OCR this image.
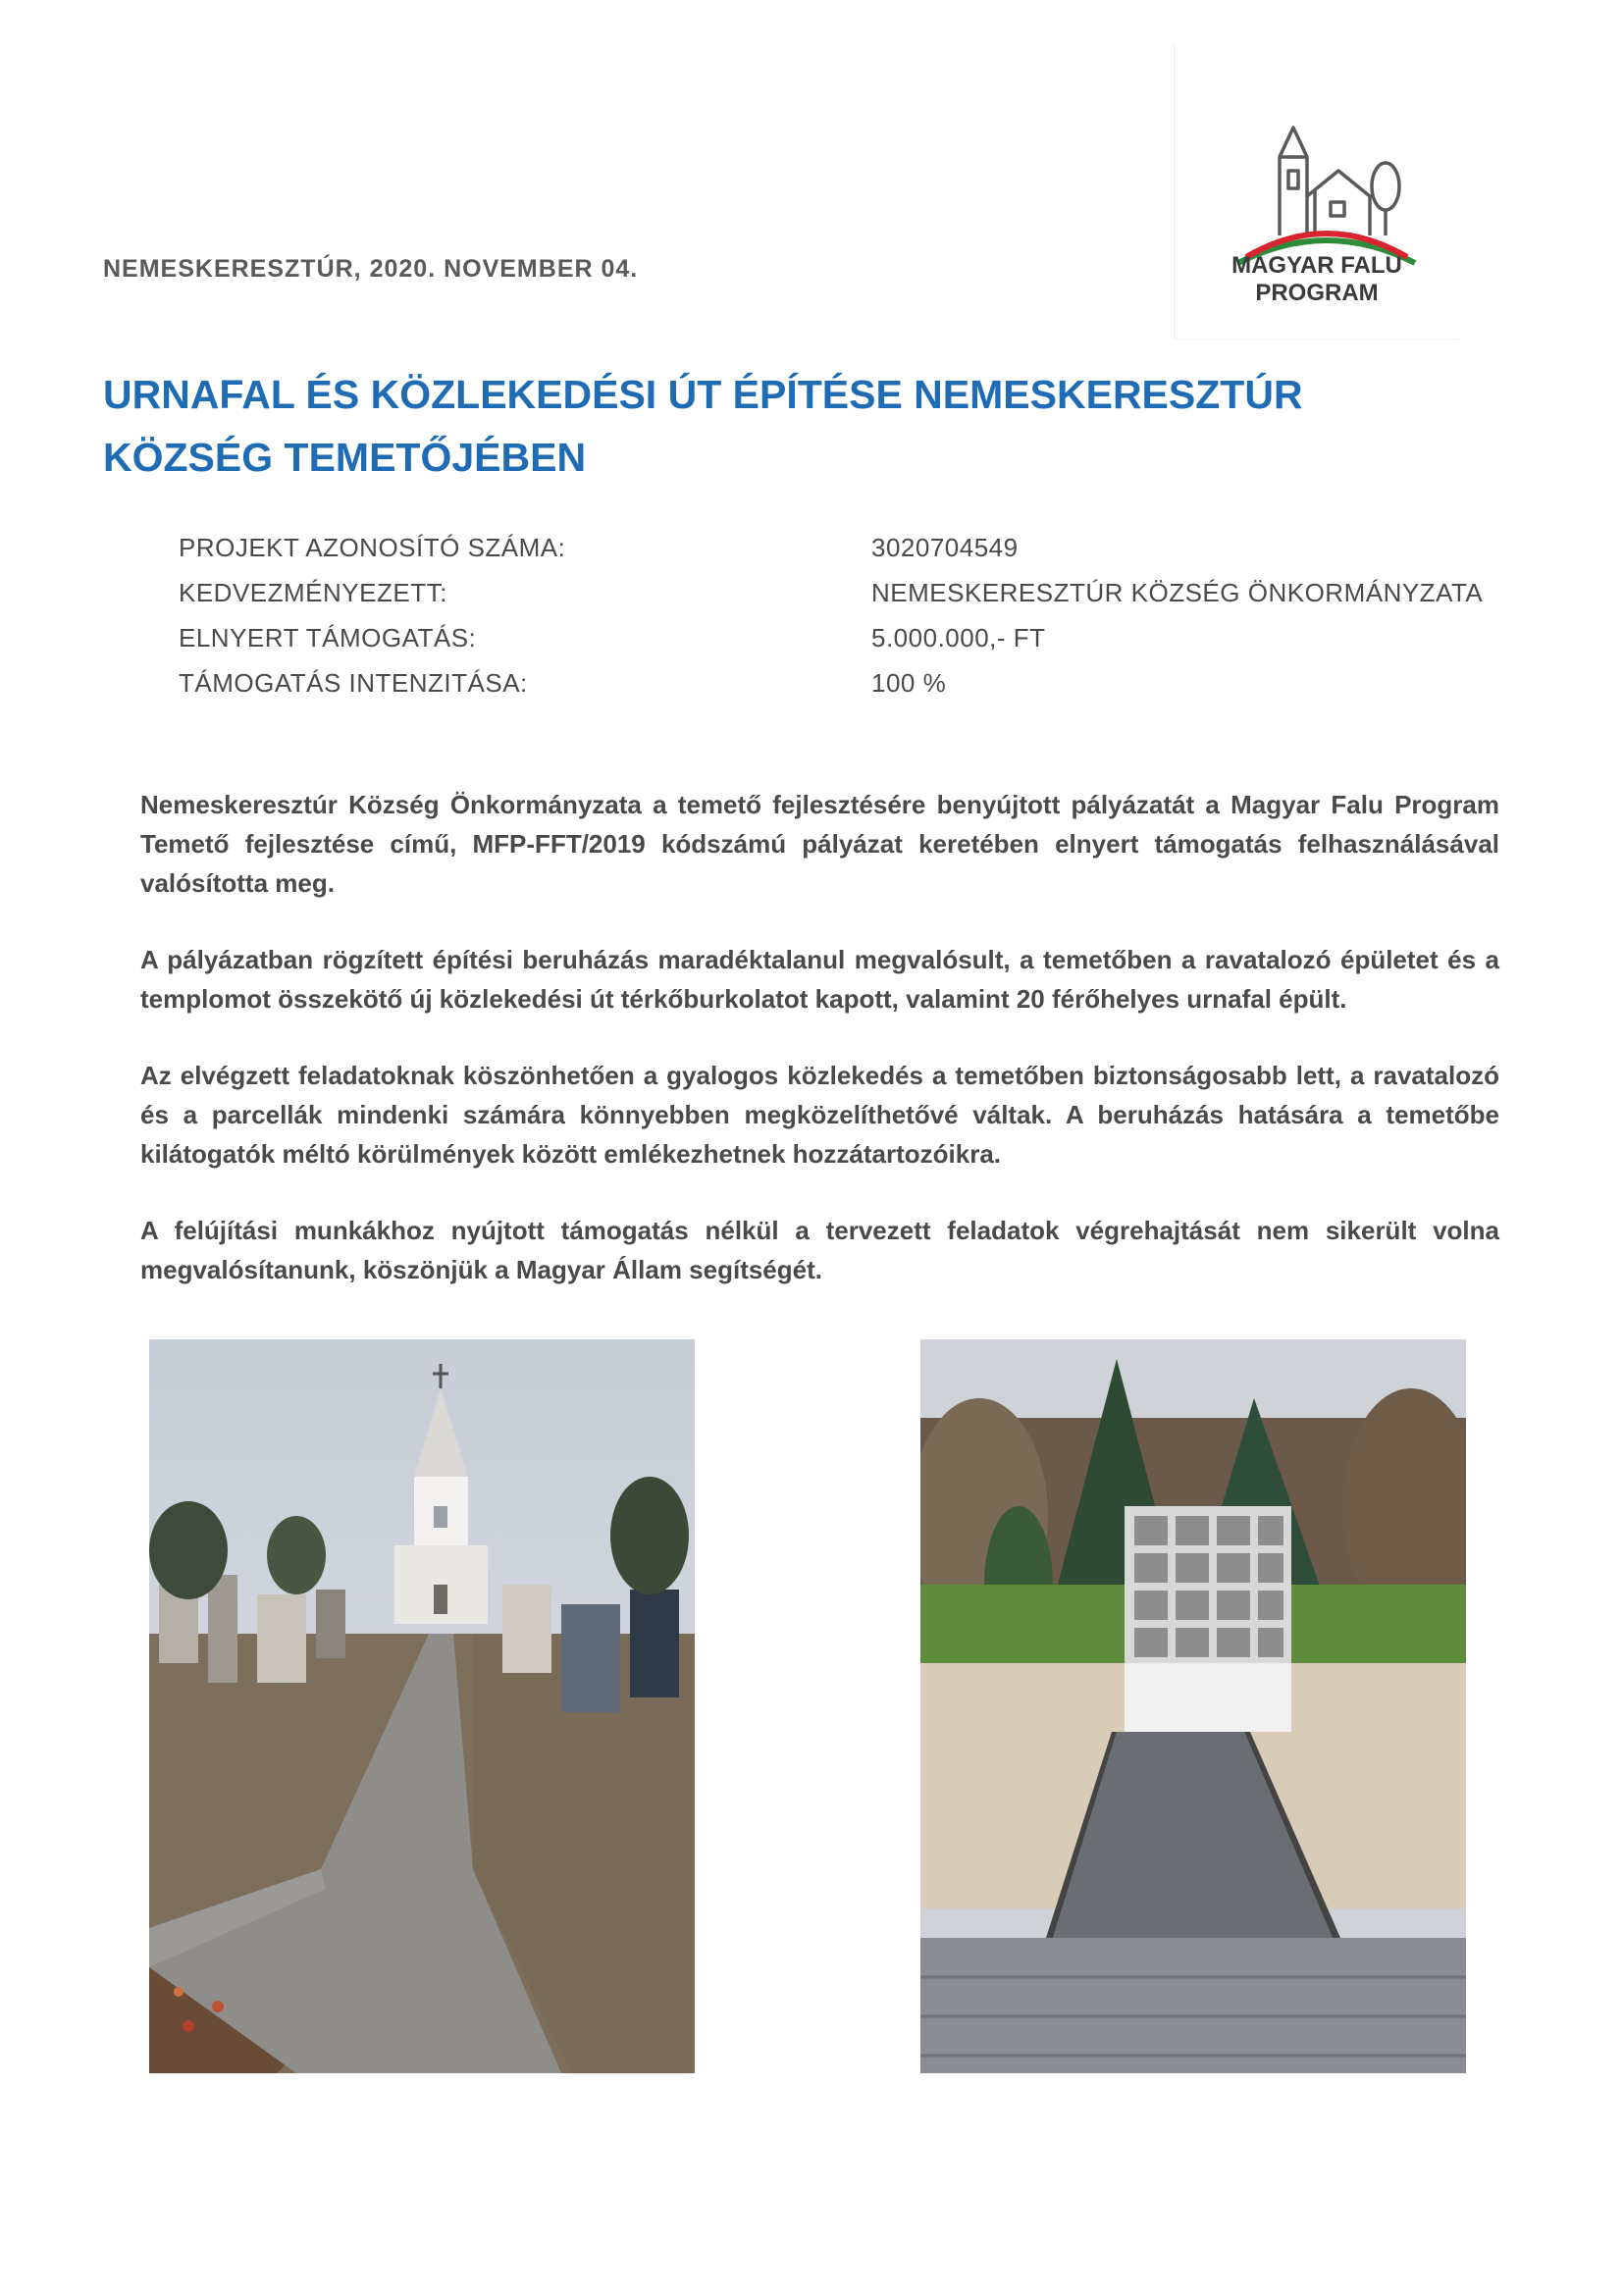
NEMESKERESZTÚR, 2020. NOVEMBER 04.	MAGYAR FALU
PROGRAM
URNAFAL ÉS KÖZLEKEDÉSI ÚT ÉPÍTÉSE NEMESKERESZTÚR
KÖZSÉG TEMETŐJÉBEN
PROJEKT AZONOSÍTÓ SZÁMA:	3020704549
KEDVEZMÉNYEZETT:	NEMESKERESZTÚR KÖZSÉG ÖNKORMÁNYZATA
ELNYERT TÁMOGATÁS:	5.000.000,- FT
TÁMOGATÁS INTENZITÁSA:	100 %

Nemeskeresztúr Község Önkormányzata a temető fejlesztésére benyújtott pályázatát a Magyar Falu Program Temető fejlesztése című, MFP-FFT/2019 kódszámú pályázat keretében elnyert támogatás felhasználásával valósította meg.

A pályázatban rögzített építési beruházás maradéktalanul megvalósult, a temetőben a ravatalozó épületet és a templomot összekötő új közlekedési út térkőburkolatot kapott, valamint 20 férőhelyes urnafal épült.

Az elvégzett feladatoknak köszönhetően a gyalogos közlekedés a temetőben biztonságosabb lett, a ravatalozó és a parcellák mindenki számára könnyebben megközelíthetővé váltak. A beruházás hatására a temetőbe kilátogatók méltó körülmények között emlékezhetnek hozzátartozóikra.

A felújítási munkákhoz nyújtott támogatás nélkül a tervezett feladatok végrehajtását nem sikerült volna megvalósítanunk, köszönjük a Magyar Állam segítségét.
